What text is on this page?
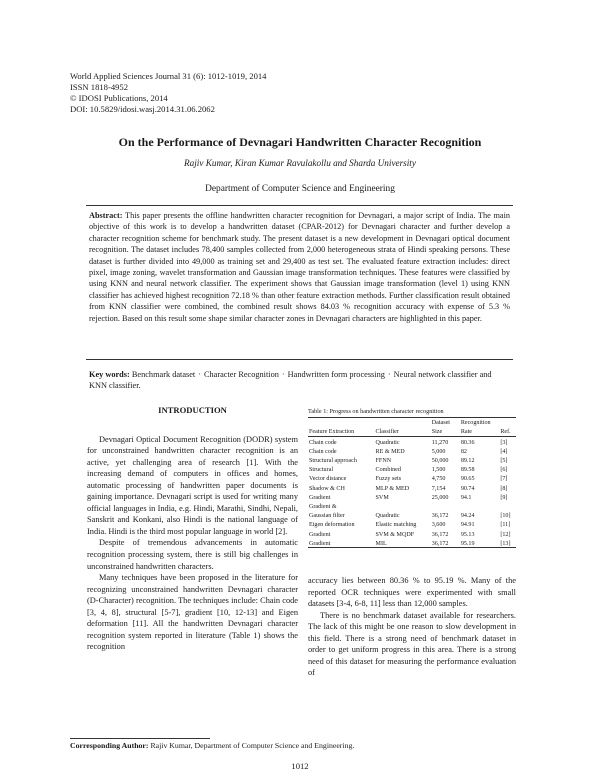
World Applied Sciences Journal 31 (6): 1012-1019, 2014
ISSN 1818-4952
© IDOSI Publications, 2014
DOI: 10.5829/idosi.wasj.2014.31.06.2062
On the Performance of Devnagari Handwritten Character Recognition
Rajiv Kumar, Kiran Kumar Ravulakollu and Sharda University
Department of Computer Science and Engineering
Abstract: This paper presents the offline handwritten character recognition for Devnagari, a major script of India. The main objective of this work is to develop a handwritten dataset (CPAR-2012) for Devnagari character and further develop a character recognition scheme for benchmark study. The present dataset is a new development in Devnagari optical document recognition. The dataset includes 78,400 samples collected from 2,000 heterogeneous strata of Hindi speaking persons. These dataset is further divided into 49,000 as training set and 29,400 as test set. The evaluated feature extraction includes: direct pixel, image zoning, wavelet transformation and Gaussian image transformation techniques. These features were classified by using KNN and neural network classifier. The experiment shows that Gaussian image transformation (level 1) using KNN classifier has achieved highest recognition 72.18 % than other feature extraction methods. Further classification result obtained from KNN classifier were combined, the combined result shows 84.03 % recognition accuracy with expense of 5.3 % rejection. Based on this result some shape similar character zones in Devnagari characters are highlighted in this paper.
Key words: Benchmark dataset · Character Recognition · Handwritten form processing · Neural network classifier and KNN classifier.
INTRODUCTION

Devnagari Optical Document Recognition (DODR) system for unconstrained handwritten character recognition is an active, yet challenging area of research [1]. With the increasing demand of computers in offices and homes, automatic processing of handwritten paper documents is gaining importance. Devnagari script is used for writing many official languages in India, e.g. Hindi, Marathi, Sindhi, Nepali, Sanskrit and Konkani, also Hindi is the national language of India. Hindi is the third most popular language in world [2].

Despite of tremendous advancements in automatic recognition processing system, there is still big challenges in unconstrained handwritten characters.

Many techniques have been proposed in the literature for recognizing unconstrained handwritten Devnagari character (D-Character) recognition. The techniques include: Chain code [3, 4, 8], structural [5-7], gradient [10, 12-13] and Eigen deformation [11]. All the handwritten Devnagari character recognition system reported in literature (Table 1) shows the recognition

Table 1: Progress on handwritten character recognition
		Dataset	Recognition	
Feature Extraction	Classifier	Size	Rate	Ref.
Chain code	Quadratic	11,270	80.36	[3]
Chain code	RE & MED	5,000	82	[4]
Structural approach	FFNN	50,000	89.12	[5]
Structural	Combined	1,500	89.58	[6]
Vector distance	Fuzzy sets	4,750	90.65	[7]
Shadow & CH	MLP & MED	7,154	90.74	[8]
Gradient	SVM	25,000	94.1	[9]
Gradient &				
Gaussian filter	Quadratic	36,172	94.24	[10]
Eigen deformation	Elastic matching	3,600	94.91	[11]
Gradient	SVM & MQDF	36,172	95.13	[12]
Gradient	MIL	36,172	95.19	[13]

accuracy lies between 80.36 % to 95.19 %. Many of the reported OCR techniques were experimented with small datasets [3-4, 6-8, 11] less than 12,000 samples.

There is no benchmark dataset available for researchers. The lack of this might be one reason to slow development in this field. There is a strong need of benchmark dataset in order to get uniform progress in this area. There is a strong need of this dataset for measuring the performance evaluation of

Corresponding Author: Rajiv Kumar, Department of Computer Science and Engineering.
1012
